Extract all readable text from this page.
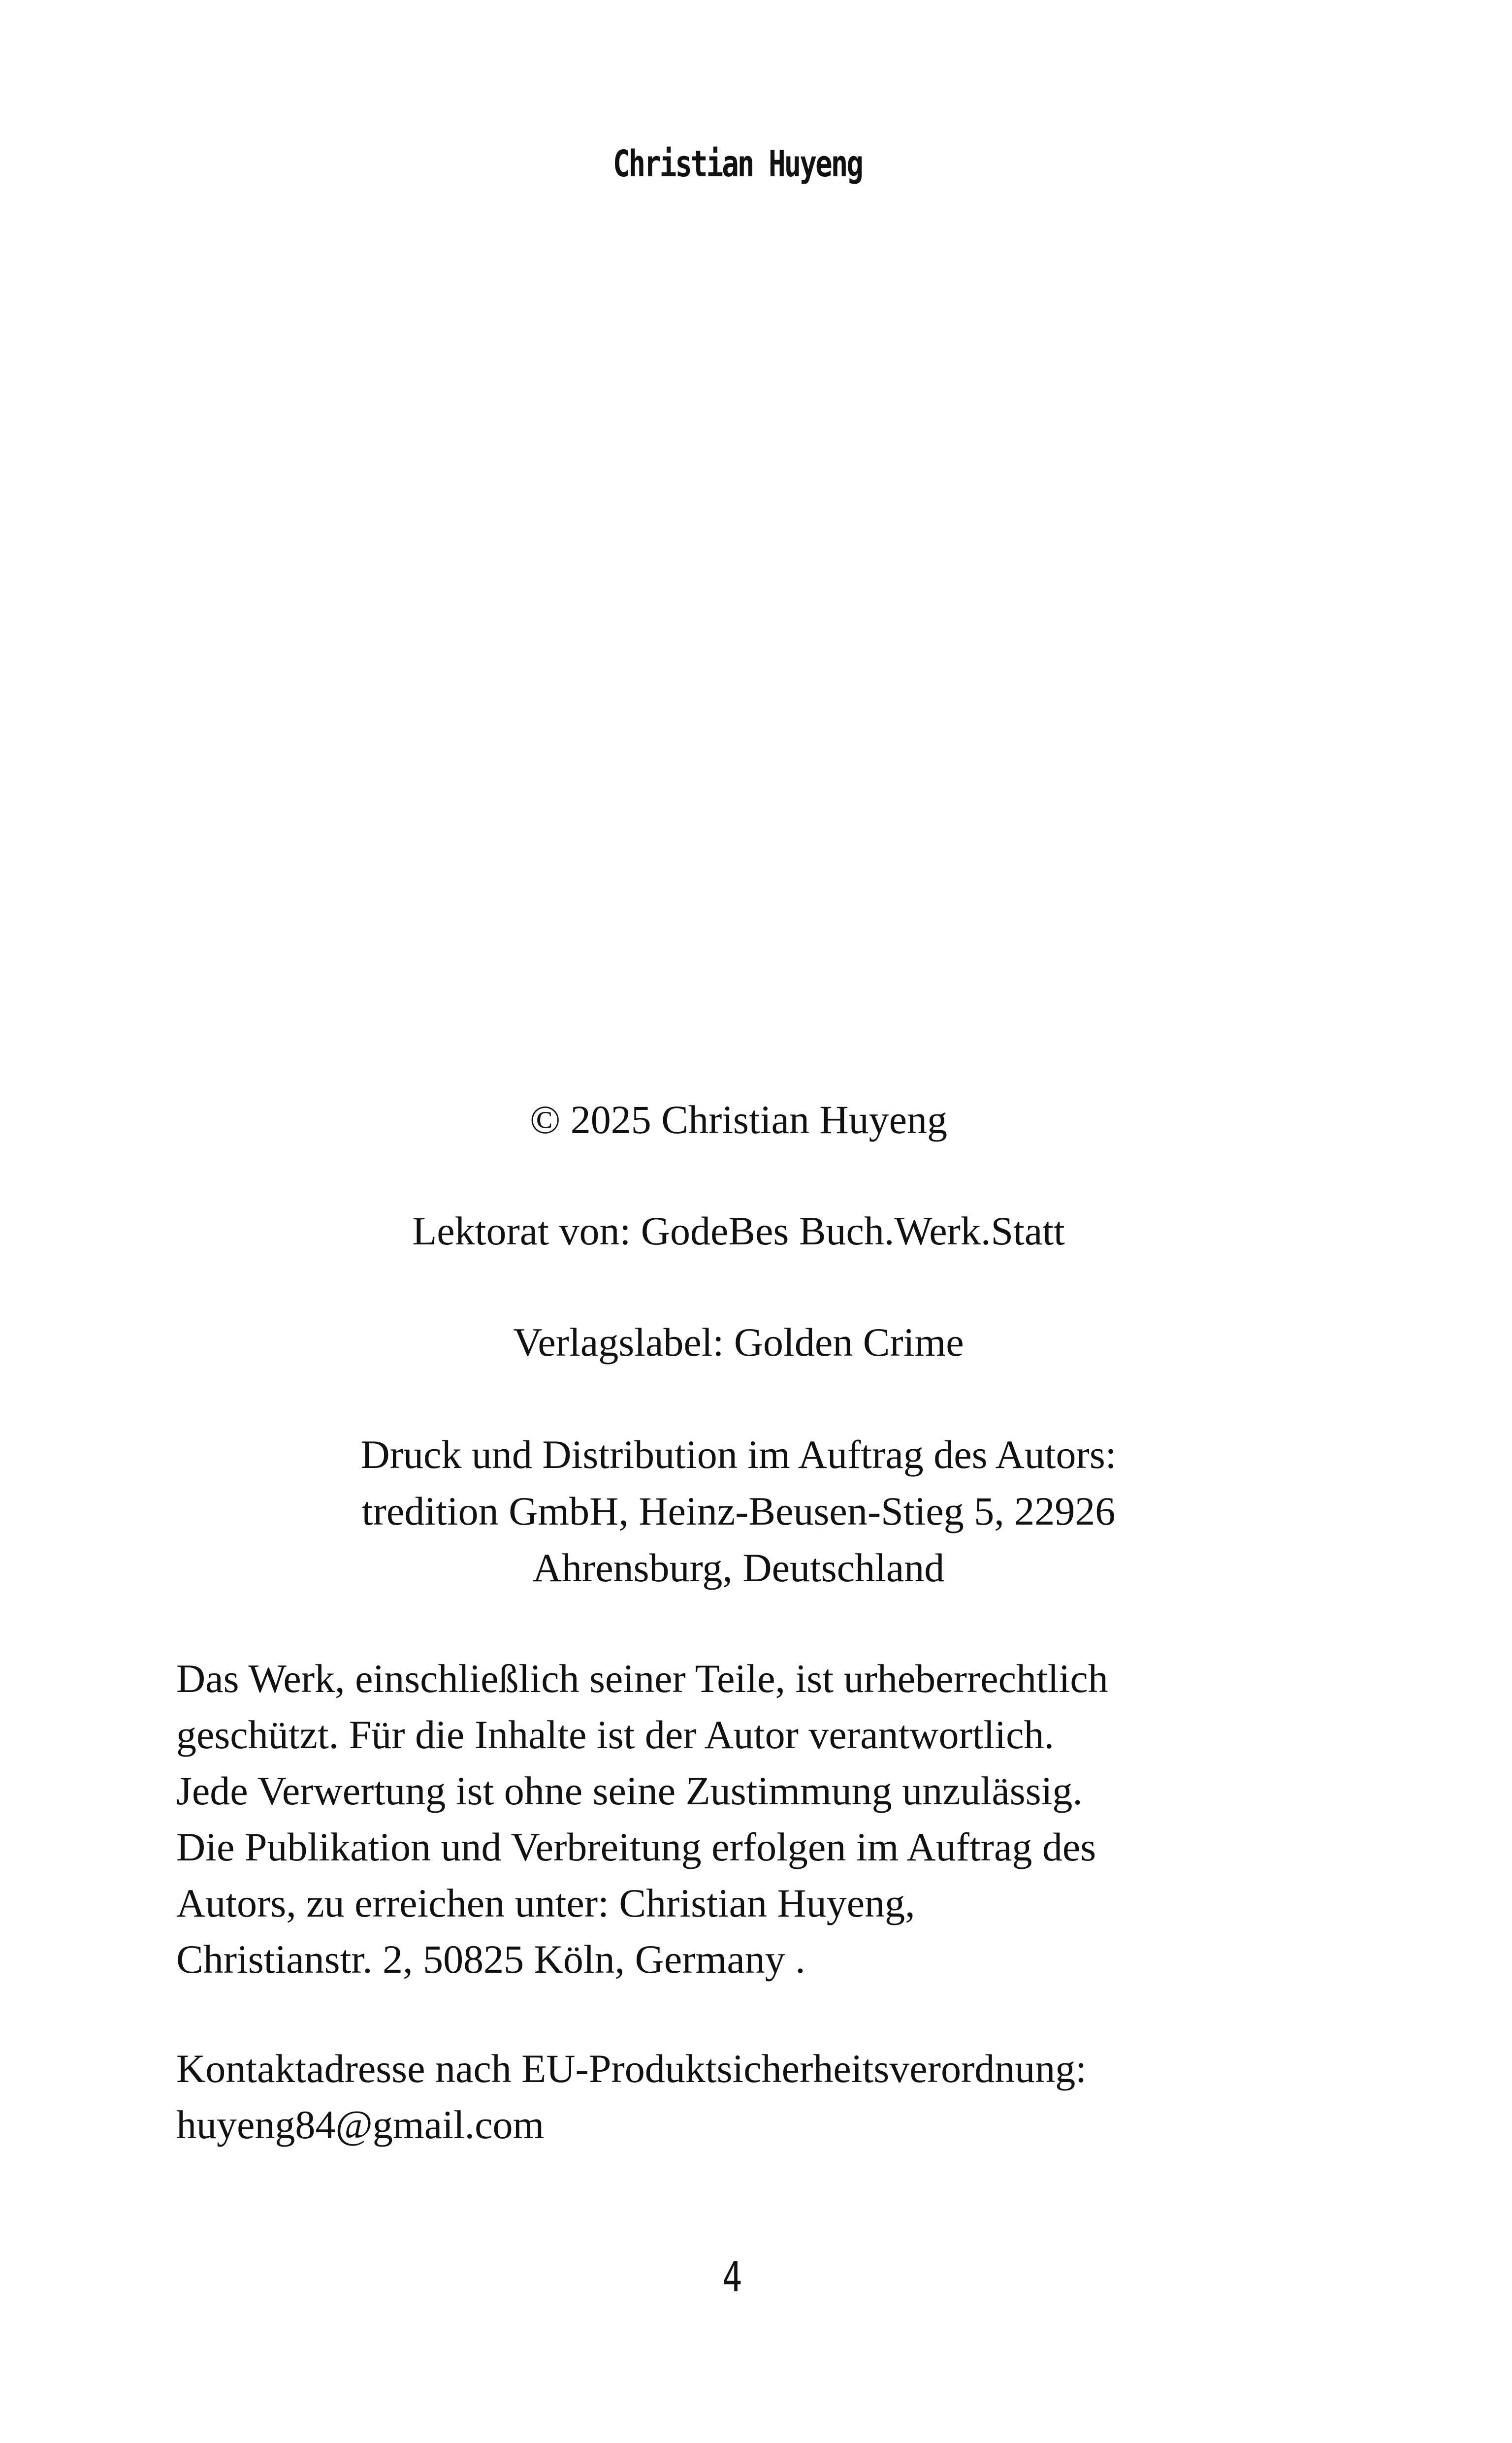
Christian Huyeng
© 2025 Christian Huyeng
Lektorat von: GodeBes Buch.Werk.Statt
Verlagslabel: Golden Crime
Druck und Distribution im Auftrag des Autors:
tredition GmbH, Heinz-Beusen-Stieg 5, 22926
Ahrensburg, Deutschland
Das Werk, einschließlich seiner Teile, ist urheberrechtlich
geschützt. Für die Inhalte ist der Autor verantwortlich.
Jede Verwertung ist ohne seine Zustimmung unzulässig.
Die Publikation und Verbreitung erfolgen im Auftrag des
Autors, zu erreichen unter: Christian Huyeng,
Christianstr. 2, 50825 Köln, Germany .
Kontaktadresse nach EU-Produktsicherheitsverordnung:
huyeng84@gmail.com
4
